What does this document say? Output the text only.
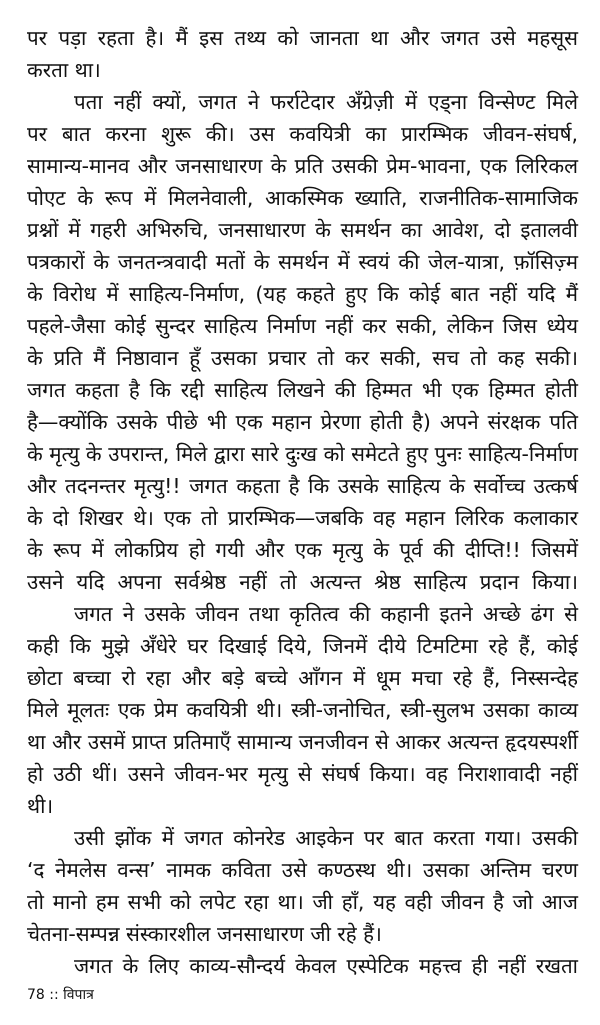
पर पड़ा रहता है। मैं इस तथ्य को जानता था और जगत उसे महसूस
करता था।
पता नहीं क्यों, जगत ने फर्राटेदार अँग्रेज़ी में एड्ना विन्सेण्ट मिले
पर बात करना शुरू की। उस कवयित्री का प्रारम्भिक जीवन-संघर्ष,
सामान्य-मानव और जनसाधारण के प्रति उसकी प्रेम-भावना, एक लिरिकल
पोएट के रूप में मिलनेवाली, आकस्मिक ख्याति, राजनीतिक-सामाजिक
प्रश्नों में गहरी अभिरुचि, जनसाधारण के समर्थन का आवेश, दो इतालवी
पत्रकारों के जनतन्त्रवादी मतों के समर्थन में स्वयं की जेल-यात्रा, फ़ॉसिज़्म
के विरोध में साहित्य-निर्माण, (यह कहते हुए कि कोई बात नहीं यदि मैं
पहले-जैसा कोई सुन्दर साहित्य निर्माण नहीं कर सकी, लेकिन जिस ध्येय
के प्रति मैं निष्ठावान हूँ उसका प्रचार तो कर सकी, सच तो कह सकी।
जगत कहता है कि रद्दी साहित्य लिखने की हिम्मत भी एक हिम्मत होती
है—क्योंकि उसके पीछे भी एक महान प्रेरणा होती है) अपने संरक्षक पति
के मृत्यु के उपरान्त, मिले द्वारा सारे दुःख को समेटते हुए पुनः साहित्य-निर्माण
और तदनन्तर मृत्यु!! जगत कहता है कि उसके साहित्य के सर्वोच्च उत्कर्ष
के दो शिखर थे। एक तो प्रारम्भिक—जबकि वह महान लिरिक कलाकार
के रूप में लोकप्रिय हो गयी और एक मृत्यु के पूर्व की दीप्ति!! जिसमें
उसने यदि अपना सर्वश्रेष्ठ नहीं तो अत्यन्त श्रेष्ठ साहित्य प्रदान किया।
जगत ने उसके जीवन तथा कृतित्व की कहानी इतने अच्छे ढंग से
कही कि मुझे अँधेरे घर दिखाई दिये, जिनमें दीये टिमटिमा रहे हैं, कोई
छोटा बच्चा रो रहा और बड़े बच्चे आँगन में धूम मचा रहे हैं, निस्सन्देह
मिले मूलतः एक प्रेम कवयित्री थी। स्त्री-जनोचित, स्त्री-सुलभ उसका काव्य
था और उसमें प्राप्त प्रतिमाएँ सामान्य जनजीवन से आकर अत्यन्त हृदयस्पर्शी
हो उठी थीं। उसने जीवन-भर मृत्यु से संघर्ष किया। वह निराशावादी नहीं
थी।
उसी झोंक में जगत कोनरेड आइकेन पर बात करता गया। उसकी
‘द नेमलेस वन्स’ नामक कविता उसे कण्ठस्थ थी। उसका अन्तिम चरण
तो मानो हम सभी को लपेट रहा था। जी हाँ, यह वही जीवन है जो आज
चेतना-सम्पन्न संस्कारशील जनसाधारण जी रहे हैं।
जगत के लिए काव्य-सौन्दर्य केवल एस्पेटिक महत्त्व ही नहीं रखता
78 :: विपात्र
